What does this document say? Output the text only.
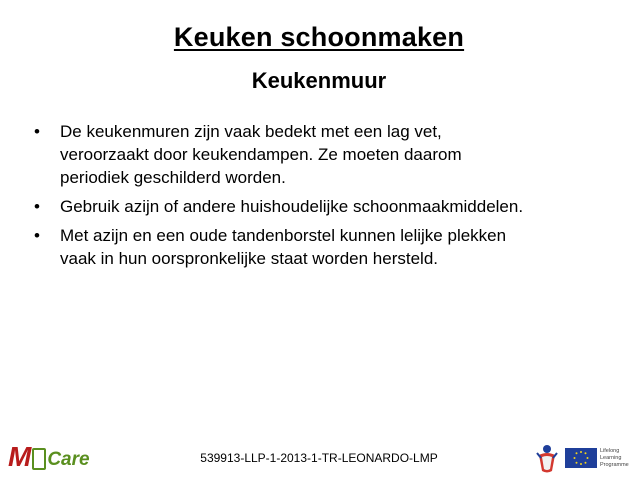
Keuken schoonmaken
Keukenmuur
•	De keukenmuren zijn vaak bedekt met een lag vet,
veroorzaakt door keukendampen. Ze moeten daarom
periodiek geschilderd worden.
•	Gebruik azijn of andere huishoudelijke schoonmaakmiddelen.
•	Met azijn en een oude tandenborstel kunnen lelijke plekken
vaak in hun oorspronkelijke staat worden hersteld.
M Care	539913-LLP-1-2013-1-TR-LEONARDO-LMP	Lifelong
Learning
Programme
